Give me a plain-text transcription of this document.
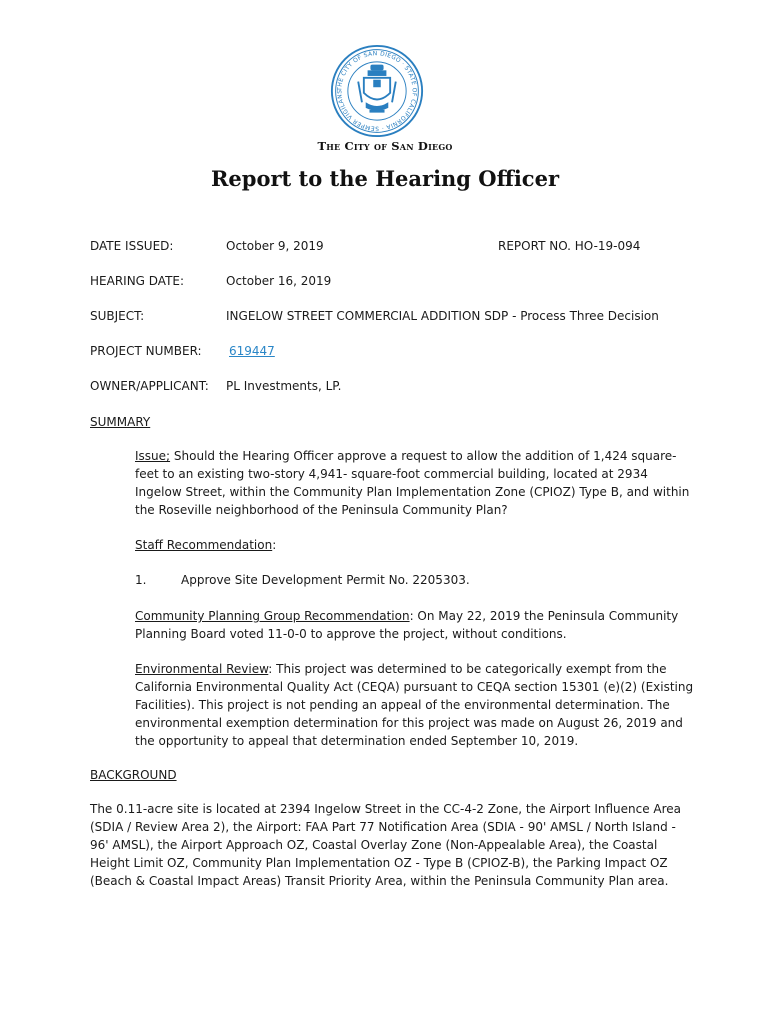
THE CITY OF SAN DIEGO · STATE OF CALIFORNIA · SEMPER VIGILANS
The City of San Diego
Report to the Hearing Officer
DATE ISSUED:	October 9, 2019	REPORT NO. HO-19-094
HEARING DATE:	October 16, 2019
SUBJECT:	INGELOW STREET COMMERCIAL ADDITION SDP - Process Three Decision
PROJECT NUMBER: 619447
OWNER/APPLICANT: PL Investments, LP.
SUMMARY
Issue; Should the Hearing Officer approve a request to allow the addition of 1,424 square-feet to an existing two-story 4,941- square-foot commercial building, located at 2934 Ingelow Street, within the Community Plan Implementation Zone (CPIOZ) Type B, and within the Roseville neighborhood of the Peninsula Community Plan?
Staff Recommendation:
1.	Approve Site Development Permit No. 2205303.
Community Planning Group Recommendation: On May 22, 2019 the Peninsula Community Planning Board voted 11-0-0 to approve the project, without conditions.
Environmental Review: This project was determined to be categorically exempt from the California Environmental Quality Act (CEQA) pursuant to CEQA section 15301 (e)(2) (Existing Facilities). This project is not pending an appeal of the environmental determination. The environmental exemption determination for this project was made on August 26, 2019 and the opportunity to appeal that determination ended September 10, 2019.
BACKGROUND
The 0.11-acre site is located at 2394 Ingelow Street in the CC-4-2 Zone, the Airport Influence Area (SDIA / Review Area 2), the Airport: FAA Part 77 Notification Area (SDIA - 90' AMSL / North Island - 96' AMSL), the Airport Approach OZ, Coastal Overlay Zone (Non-Appealable Area), the Coastal Height Limit OZ, Community Plan Implementation OZ - Type B (CPIOZ-B), the Parking Impact OZ (Beach & Coastal Impact Areas) Transit Priority Area, within the Peninsula Community Plan area.
